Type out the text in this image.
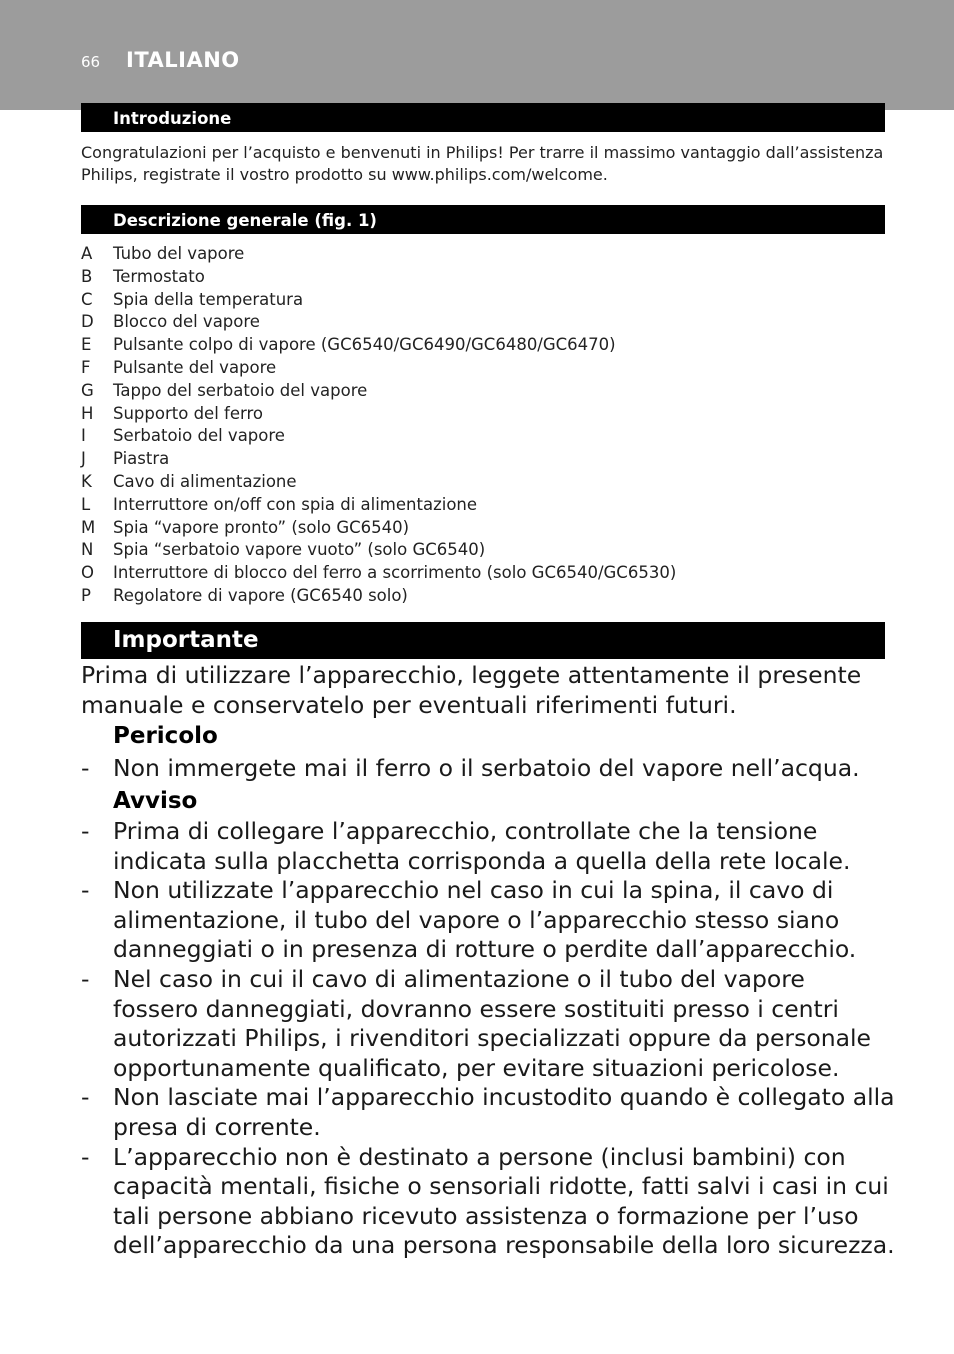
66 ITALIANO
Introduzione
Congratulazioni per l’acquisto e benvenuti in Philips! Per trarre il massimo vantaggio dall’assistenza Philips, registrate il vostro prodotto su www.philips.com/welcome.
Descrizione generale (fig. 1)
A Tubo del vapore
B Termostato
C Spia della temperatura
D Blocco del vapore
E Pulsante colpo di vapore (GC6540/GC6490/GC6480/GC6470)
F Pulsante del vapore
G Tappo del serbatoio del vapore
H Supporto del ferro
I Serbatoio del vapore
J Piastra
K Cavo di alimentazione
L Interruttore on/off con spia di alimentazione
M Spia “vapore pronto” (solo GC6540)
N Spia “serbatoio vapore vuoto” (solo GC6540)
O Interruttore di blocco del ferro a scorrimento (solo GC6540/GC6530)
P Regolatore di vapore (GC6540 solo)
Importante
Prima di utilizzare l’apparecchio, leggete attentamente il presente manuale e conservatelo per eventuali riferimenti futuri.
Pericolo
- Non immergete mai il ferro o il serbatoio del vapore nell’acqua.
Avviso
- Prima di collegare l’apparecchio, controllate che la tensione indicata sulla placchetta corrisponda a quella della rete locale.
- Non utilizzate l’apparecchio nel caso in cui la spina, il cavo di alimentazione, il tubo del vapore o l’apparecchio stesso siano danneggiati o in presenza di rotture o perdite dall’apparecchio.
- Nel caso in cui il cavo di alimentazione o il tubo del vapore fossero danneggiati, dovranno essere sostituiti presso i centri autorizzati Philips, i rivenditori specializzati oppure da personale opportunamente qualificato, per evitare situazioni pericolose.
- Non lasciate mai l’apparecchio incustodito quando è collegato alla presa di corrente.
- L’apparecchio non è destinato a persone (inclusi bambini) con capacità mentali, fisiche o sensoriali ridotte, fatti salvi i casi in cui tali persone abbiano ricevuto assistenza o formazione per l’uso dell’apparecchio da una persona responsabile della loro sicurezza.
